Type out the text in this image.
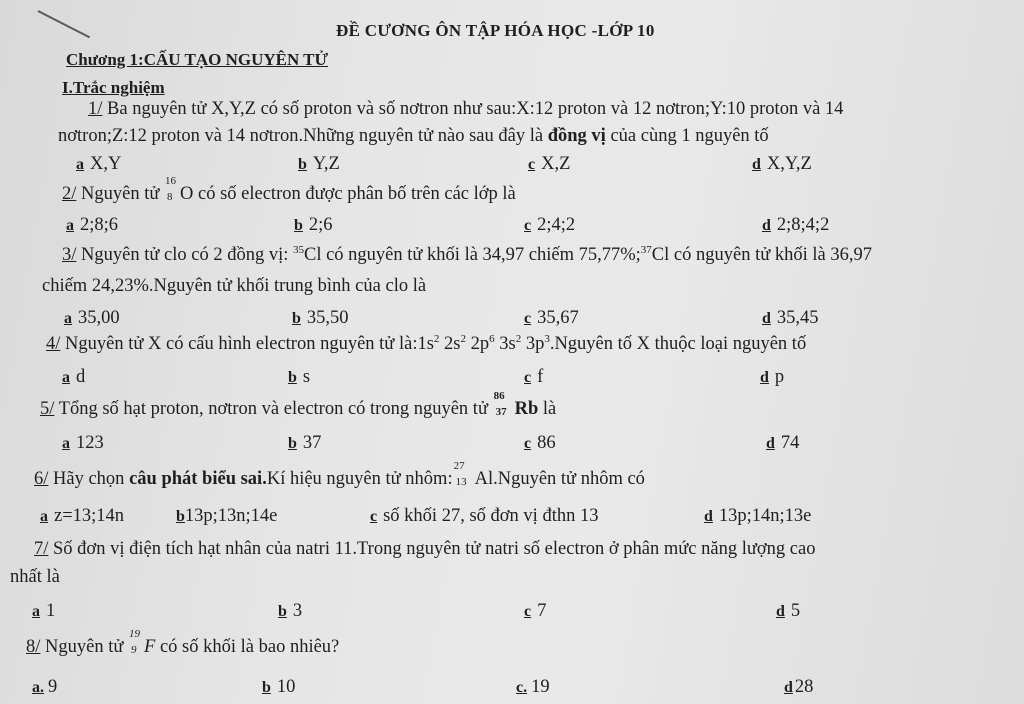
ĐỀ CƯƠNG ÔN TẬP HÓA HỌC -LỚP 10
Chương 1:CẤU TẠO NGUYÊN TỬ
I.Trắc nghiệm
1/ Ba nguyên tử X,Y,Z có số proton và số nơtron như sau:X:12 proton và 12 nơtron;Y:10 proton và 14
nơtron;Z:12 proton và 14 nơtron.Những nguyên tử nào sau đây là đồng vị của cùng 1 nguyên tố
a X,Y	b Y,Z	c X,Z	d X,Y,Z
2/ Nguyên tử
16
8 O có số electron được phân bố trên các lớp là
a 2;8;6	b 2;6	c 2;4;2	d 2;8;4;2
3/ Nguyên tử clo có 2 đồng vị: $^{35}$Cl có nguyên tử khối là 34,97 chiếm 75,77%;$^{37}$Cl có nguyên tử khối là 36,97
chiếm 24,23%.Nguyên tử khối trung bình của clo là
a 35,00	b 35,50	c 35,67	d 35,45
4/ Nguyên tử X có cấu hình electron nguyên tử $là:1s^2$ $2s^2$ $2p^6$ $3s^2$ $3p^3.Nguyên$ tố X thuộc loại nguyên tố
a d	b s	c f	d p
5/ Tổng số hạt proton, nơtron và electron có trong nguyên tử
86
37 Rb là
a 123	b 37	c 86	d 74
6/ Hãy chọn câu phát biểu sai.Kí hiệu nguyên tử nhôm:
27
13 Al.Nguyên tử nhôm có
a z=13;14n	b13p;13n;14e	c số khối 27, số đơn vị đthn 13	d 13p;14n;13e
7/ Số đơn vị điện tích hạt nhân của natri 11.Trong nguyên tử natri số electron ở phân mức năng lượng cao
nhất là
a 1	b 3	c 7	d 5
8/ Nguyên tử
19
9 F có số khối là bao nhiêu?
a. 9	b 10	c. 19	d 28
